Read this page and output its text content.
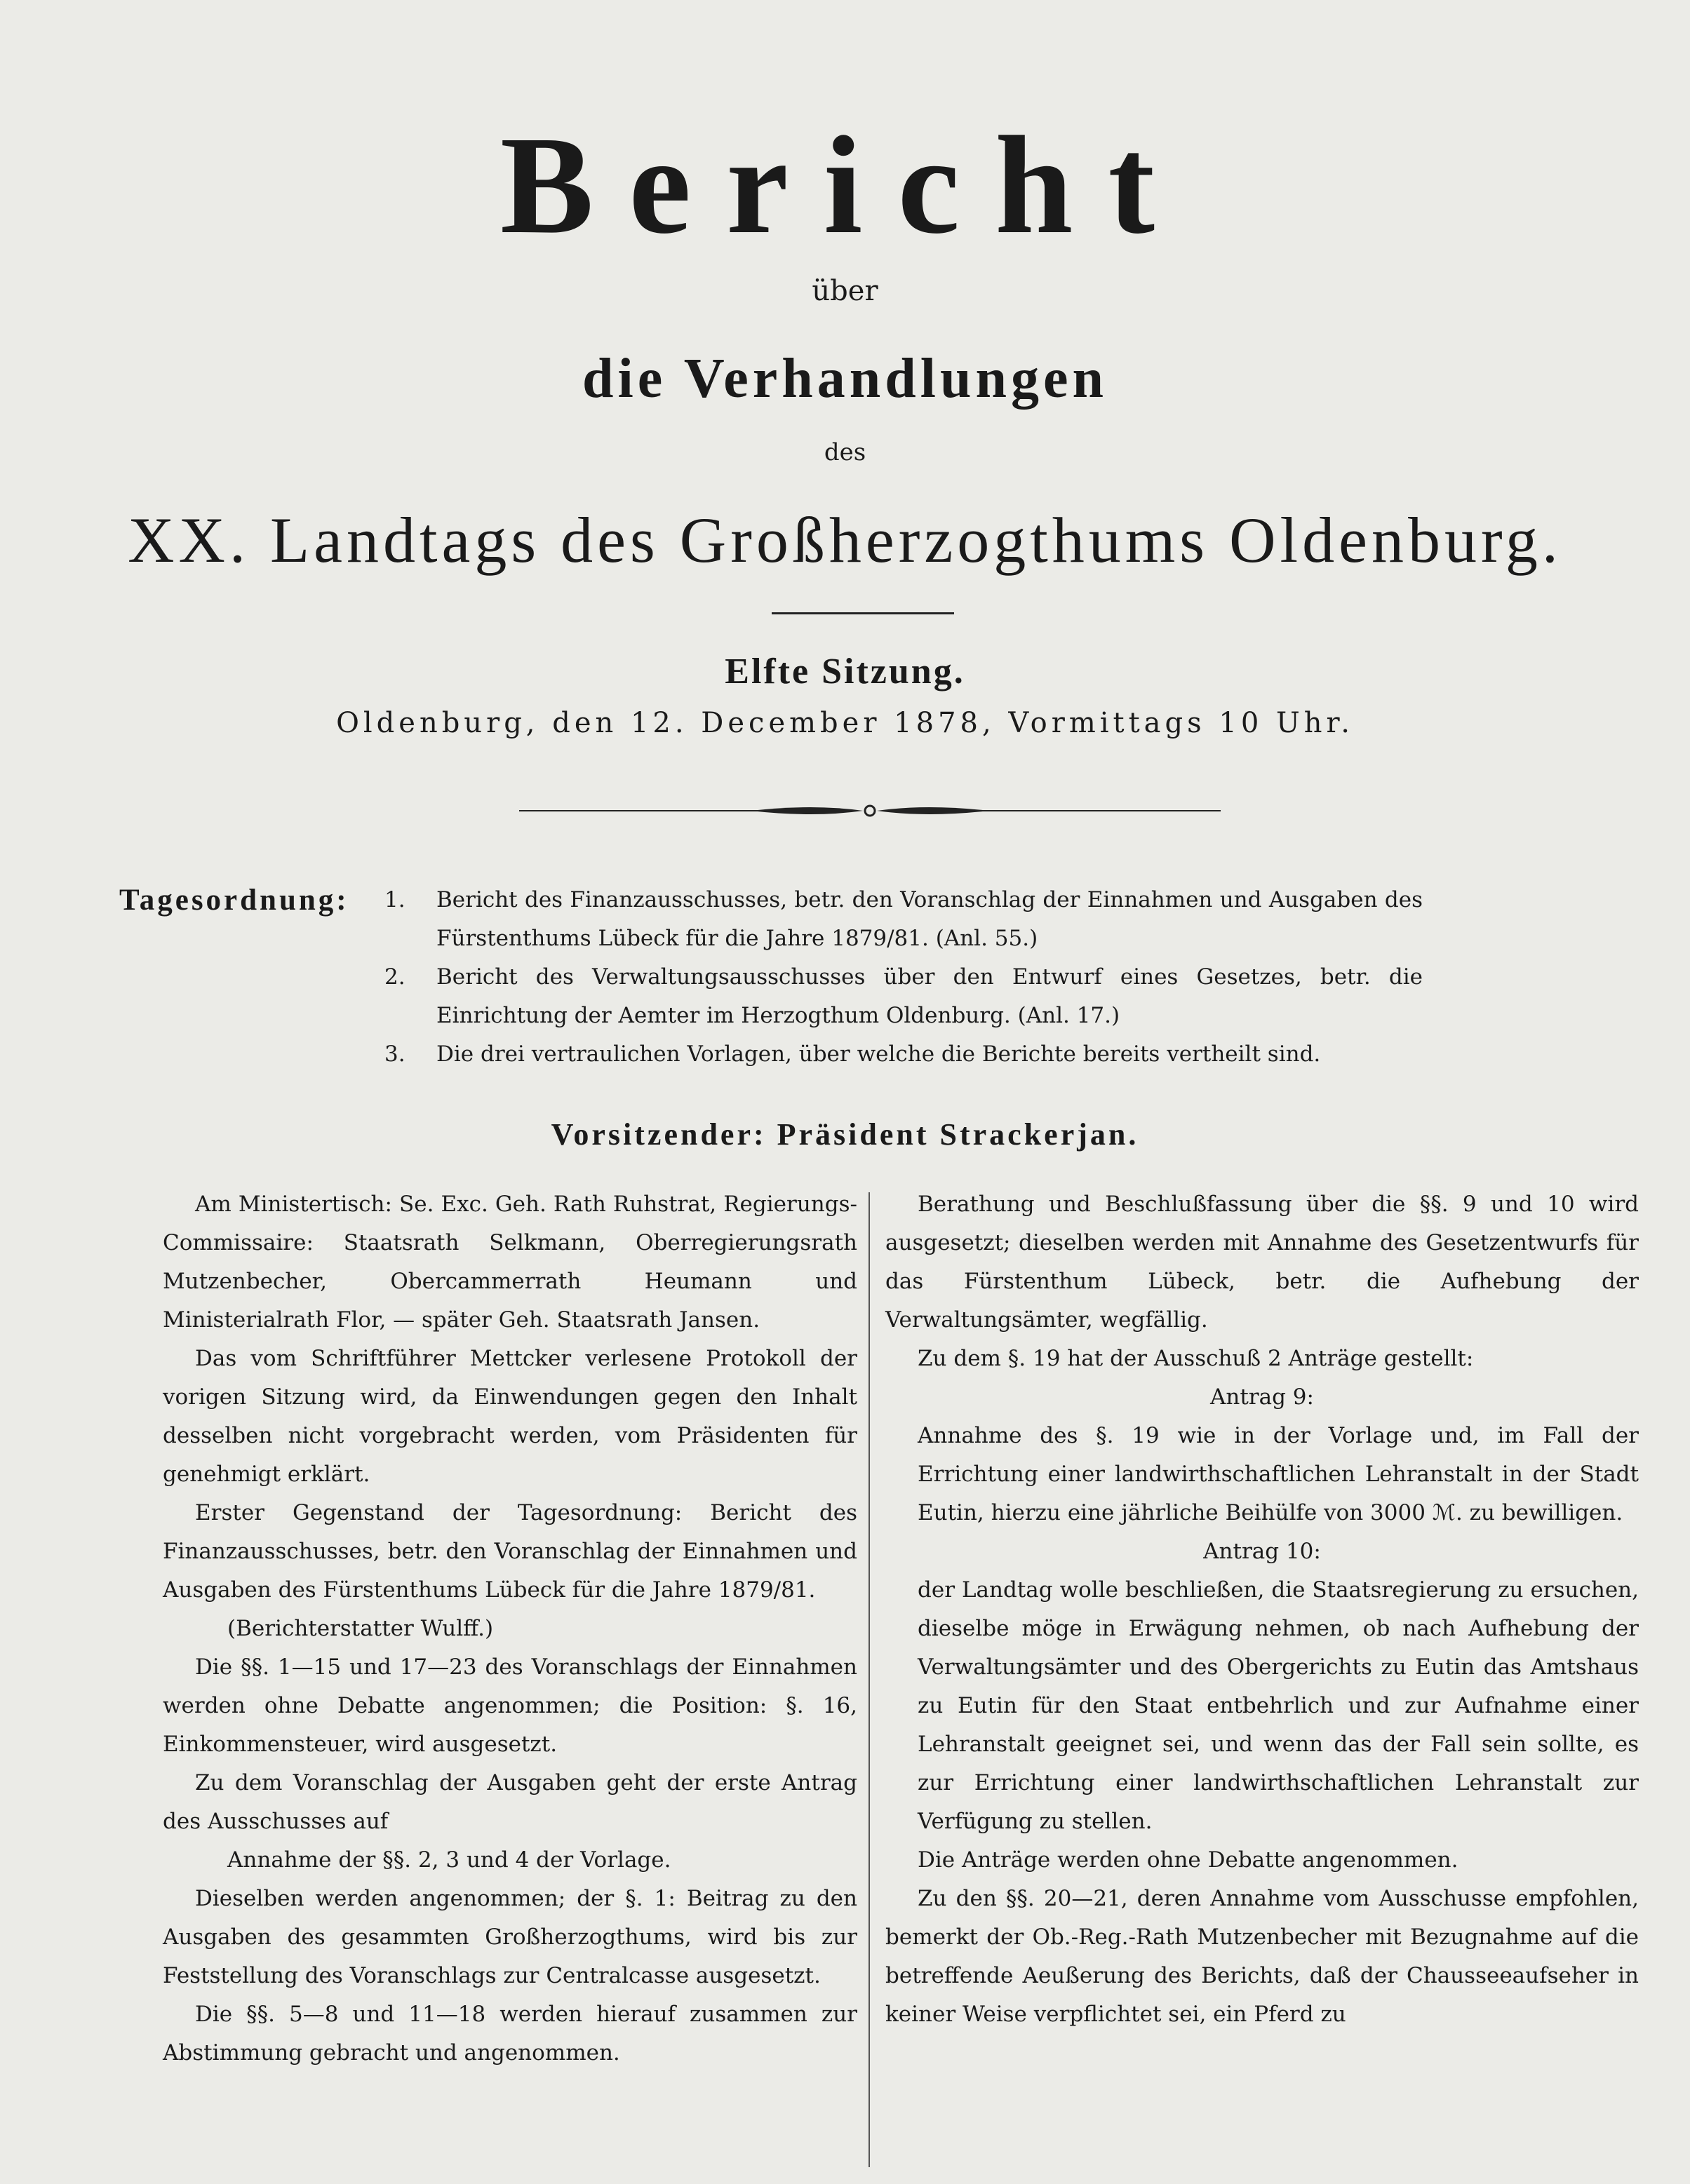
Bericht
über
die Verhandlungen
des
XX. Landtags des Großherzogthums Oldenburg.
Elfte Sitzung.
Oldenburg, den 12. December 1878, Vormittags 10 Uhr.
Tagesordnung: 1. Bericht des Finanzausschusses, betr. den Voranschlag der Einnahmen und Ausgaben des Fürstenthums Lübeck für die Jahre 1879/81. (Anl. 55.)
2. Bericht des Verwaltungsausschusses über den Entwurf eines Gesetzes, betr. die Einrichtung der Aemter im Herzogthum Oldenburg. (Anl. 17.)
3. Die drei vertraulichen Vorlagen, über welche die Berichte bereits vertheilt sind.
Vorsitzender: Präsident Strackerjan.

Am Ministertisch: Se. Exc. Geh. Rath Ruhstrat, Regierungs-Commissaire: Staatsrath Selkmann, Oberregierungsrath Mutzenbecher, Obercammerrath Heumann und Ministerialrath Flor, — später Geh. Staatsrath Jansen.

Das vom Schriftführer Mettcker verlesene Protokoll der vorigen Sitzung wird, da Einwendungen gegen den Inhalt desselben nicht vorgebracht werden, vom Präsidenten für genehmigt erklärt.

Erster Gegenstand der Tagesordnung: Bericht des Finanzausschusses, betr. den Voranschlag der Einnahmen und Ausgaben des Fürstenthums Lübeck für die Jahre 1879/81.

(Berichterstatter Wulff.)

Die §§. 1—15 und 17—23 des Voranschlags der Einnahmen werden ohne Debatte angenommen; die Position: §. 16, Einkommensteuer, wird ausgesetzt.

Zu dem Voranschlag der Ausgaben geht der erste Antrag des Ausschusses auf

Annahme der §§. 2, 3 und 4 der Vorlage.

Dieselben werden angenommen; der §. 1: Beitrag zu den Ausgaben des gesammten Großherzogthums, wird bis zur Feststellung des Voranschlags zur Centralcasse ausgesetzt.

Die §§. 5—8 und 11—18 werden hierauf zusammen zur Abstimmung gebracht und angenommen.

Berathung und Beschlußfassung über die §§. 9 und 10 wird ausgesetzt; dieselben werden mit Annahme des Gesetzentwurfs für das Fürstenthum Lübeck, betr. die Aufhebung der Verwaltungsämter, wegfällig.

Zu dem §. 19 hat der Ausschuß 2 Anträge gestellt:

Antrag 9:

Annahme des §. 19 wie in der Vorlage und, im Fall der Errichtung einer landwirthschaftlichen Lehranstalt in der Stadt Eutin, hierzu eine jährliche Beihülfe von 3000 ℳ. zu bewilligen.

Antrag 10:

der Landtag wolle beschließen, die Staatsregierung zu ersuchen, dieselbe möge in Erwägung nehmen, ob nach Aufhebung der Verwaltungsämter und des Obergerichts zu Eutin das Amtshaus zu Eutin für den Staat entbehrlich und zur Aufnahme einer Lehranstalt geeignet sei, und wenn das der Fall sein sollte, es zur Errichtung einer landwirthschaftlichen Lehranstalt zur Verfügung zu stellen.

Die Anträge werden ohne Debatte angenommen.

Zu den §§. 20—21, deren Annahme vom Ausschusse empfohlen, bemerkt der Ob.-Reg.-Rath Mutzenbecher mit Bezugnahme auf die betreffende Aeußerung des Berichts, daß der Chausseeaufseher in keiner Weise verpflichtet sei, ein Pferd zu
